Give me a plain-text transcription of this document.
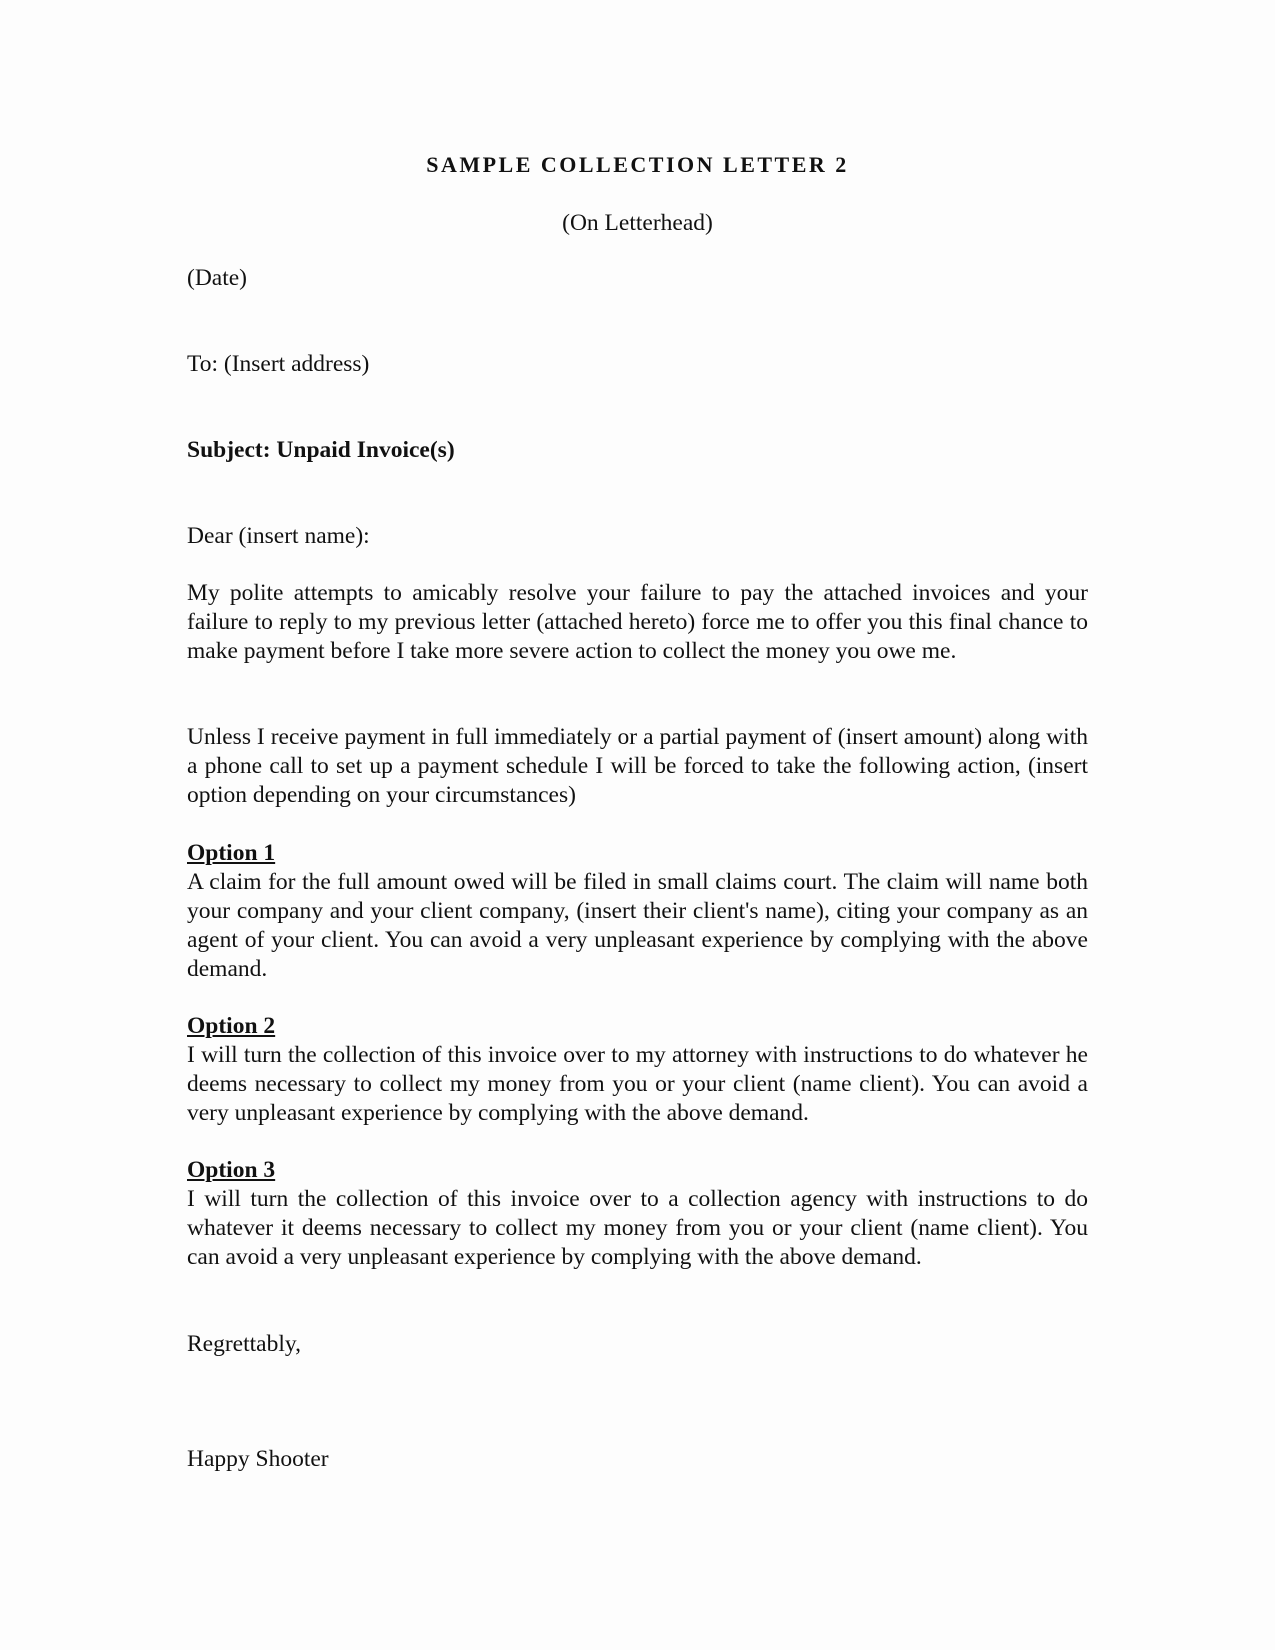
SAMPLE COLLECTION LETTER 2
(On Letterhead)
(Date)
To: (Insert address)
Subject: Unpaid Invoice(s)
Dear (insert name):

My polite attempts to amicably resolve your failure to pay the attached invoices and your failure to reply to my previous letter (attached hereto) force me to offer you this final chance to make payment before I take more severe action to collect the money you owe me.

Unless I receive payment in full immediately or a partial payment of (insert amount) along with a phone call to set up a payment schedule I will be forced to take the following action, (insert option depending on your circumstances)

Option 1
A claim for the full amount owed will be filed in small claims court. The claim will name both your company and your client company, (insert their client's name), citing your company as an agent of your client. You can avoid a very unpleasant experience by complying with the above demand.
Option 2
I will turn the collection of this invoice over to my attorney with instructions to do whatever he deems necessary to collect my money from you or your client (name client). You can avoid a very unpleasant experience by complying with the above demand.
Option 3
I will turn the collection of this invoice over to a collection agency with instructions to do whatever it deems necessary to collect my money from you or your client (name client). You can avoid a very unpleasant experience by complying with the above demand.
Regrettably,
Happy Shooter
